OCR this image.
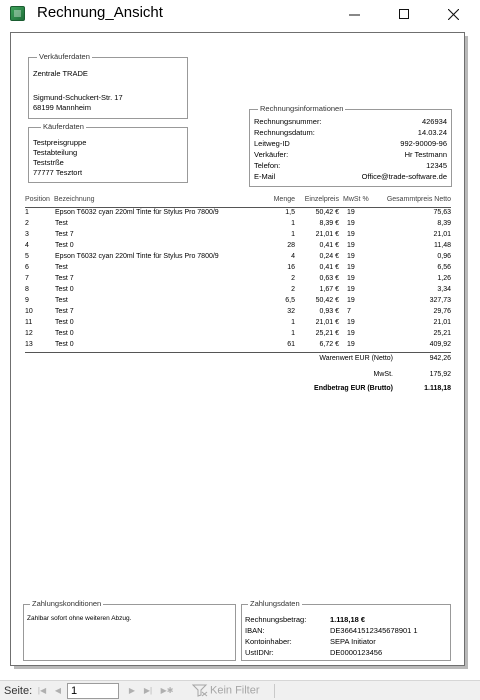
Rechnung_Ansicht
Verkäuferdaten
Zentrale TRADE
Sigmund-Schuckert-Str. 17
68199 Mannheim
Käuferdaten
Testpreisgruppe
Testabteilung
Teststrße
77777 Tesztort
Rechnungsinformationen
Rechnungsnummer:	426934
Rechnungsdatum:	14.03.24
Leitweg-ID	992-90009-96
Verkäufer:	Hr Testmann
Telefon:	12345
E-Mail	Office@trade-software.de
Position Bezeichnung	Menge	Einzelpreis MwSt %	Gesammtpreis Netto
1	Epson T6032 cyan 220ml Tinte für Stylus Pro 7800/9	1,5	50,42 € 19	75,63
2	Test	1	8,39 € 19	8,39
3	Test 7	1	21,01 € 19	21,01
4	Test 0	28	0,41 € 19	11,48
5	Epson T6032 cyan 220ml Tinte für Stylus Pro 7800/9	4	0,24 € 19	0,96
6	Test	16	0,41 € 19	6,56
7	Test 7	2	0,63 € 19	1,26
8	Test 0	2	1,67 € 19	3,34
9	Test	6,5	50,42 € 19	327,73
10	Test 7	32	0,93 € 7	29,76
11	Test 0	1	21,01 € 19	21,01
12	Test 0	1	25,21 € 19	25,21
13	Test 0	61	6,72 € 19	409,92
Warenwert EUR (Netto)	942,26
MwSt.	175,92
Endbetrag EUR (Brutto)	1.118,18
Zahlungskonditionen
Zahlbar sofort ohne weiteren Abzug.
Zahlungsdaten
Rechnungsbetrag:	1.118,18 €
IBAN:	DE36641512345678901 1
Kontoinhaber:	SEPA Initiator
UstIDNr:	DE0000123456
Seite: |◀	◀ 1	▶	▶| ▶✱	Kein Filter
